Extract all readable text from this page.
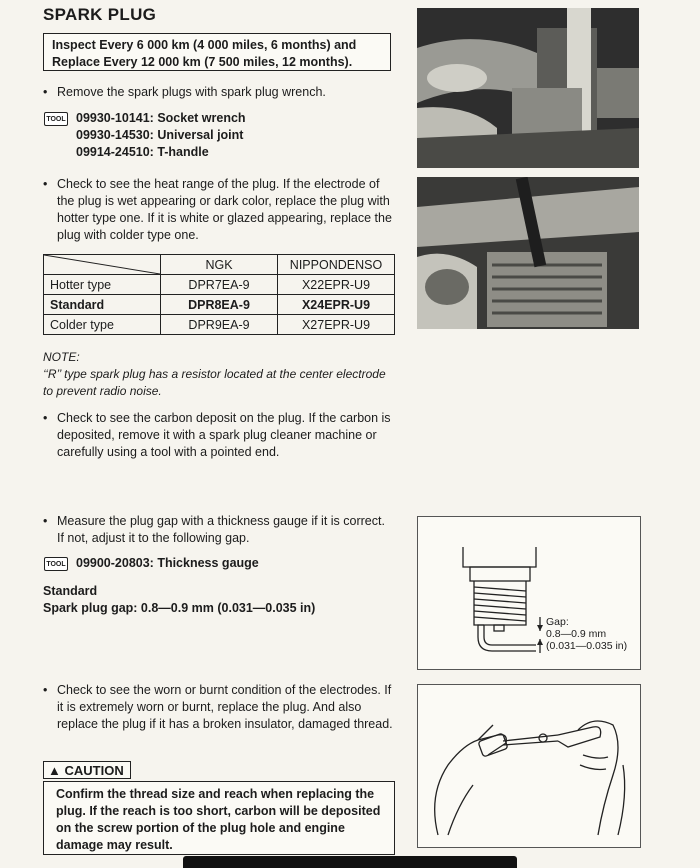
SPARK PLUG
Inspect Every 6 000 km (4 000 miles, 6 months) and
Replace Every 12 000 km (7 500 miles, 12 months).
• Remove the spark plugs with spark plug wrench.
TOOL 09930-10141: Socket wrench
09930-14530: Universal joint
09914-24510: T-handle
• Check to see the heat range of the plug. If the electrode of the plug is wet appearing or dark color, replace the plug with hotter type one. If it is white or glazed appearing, replace the plug with colder type one.
	NGK	NIPPONDENSO
Hotter type	DPR7EA-9	X22EPR-U9
Standard	DPR8EA-9	X24EPR-U9
Colder type	DPR9EA-9	X27EPR-U9
NOTE:
‘‘R’’ type spark plug has a resistor located at the center electrode to prevent radio noise.
• Check to see the carbon deposit on the plug. If the carbon is deposited, remove it with a spark plug cleaner machine or carefully using a tool with a pointed end.
• Measure the plug gap with a thickness gauge if it is correct. If not, adjust it to the following gap.
TOOL 09900-20803: Thickness gauge
Standard
Spark plug gap: 0.8—0.9 mm (0.031—0.035 in)
• Check to see the worn or burnt condition of the electrodes. If it is extremely worn or burnt, replace the plug. And also replace the plug if it has a broken insulator, damaged thread.
▲ CAUTION
Confirm the thread size and reach when replacing the plug. If the reach is too short, carbon will be deposited on the screw portion of the plug hole and engine damage may result.
Gap:
0.8—0.9 mm
(0.031—0.035 in)
